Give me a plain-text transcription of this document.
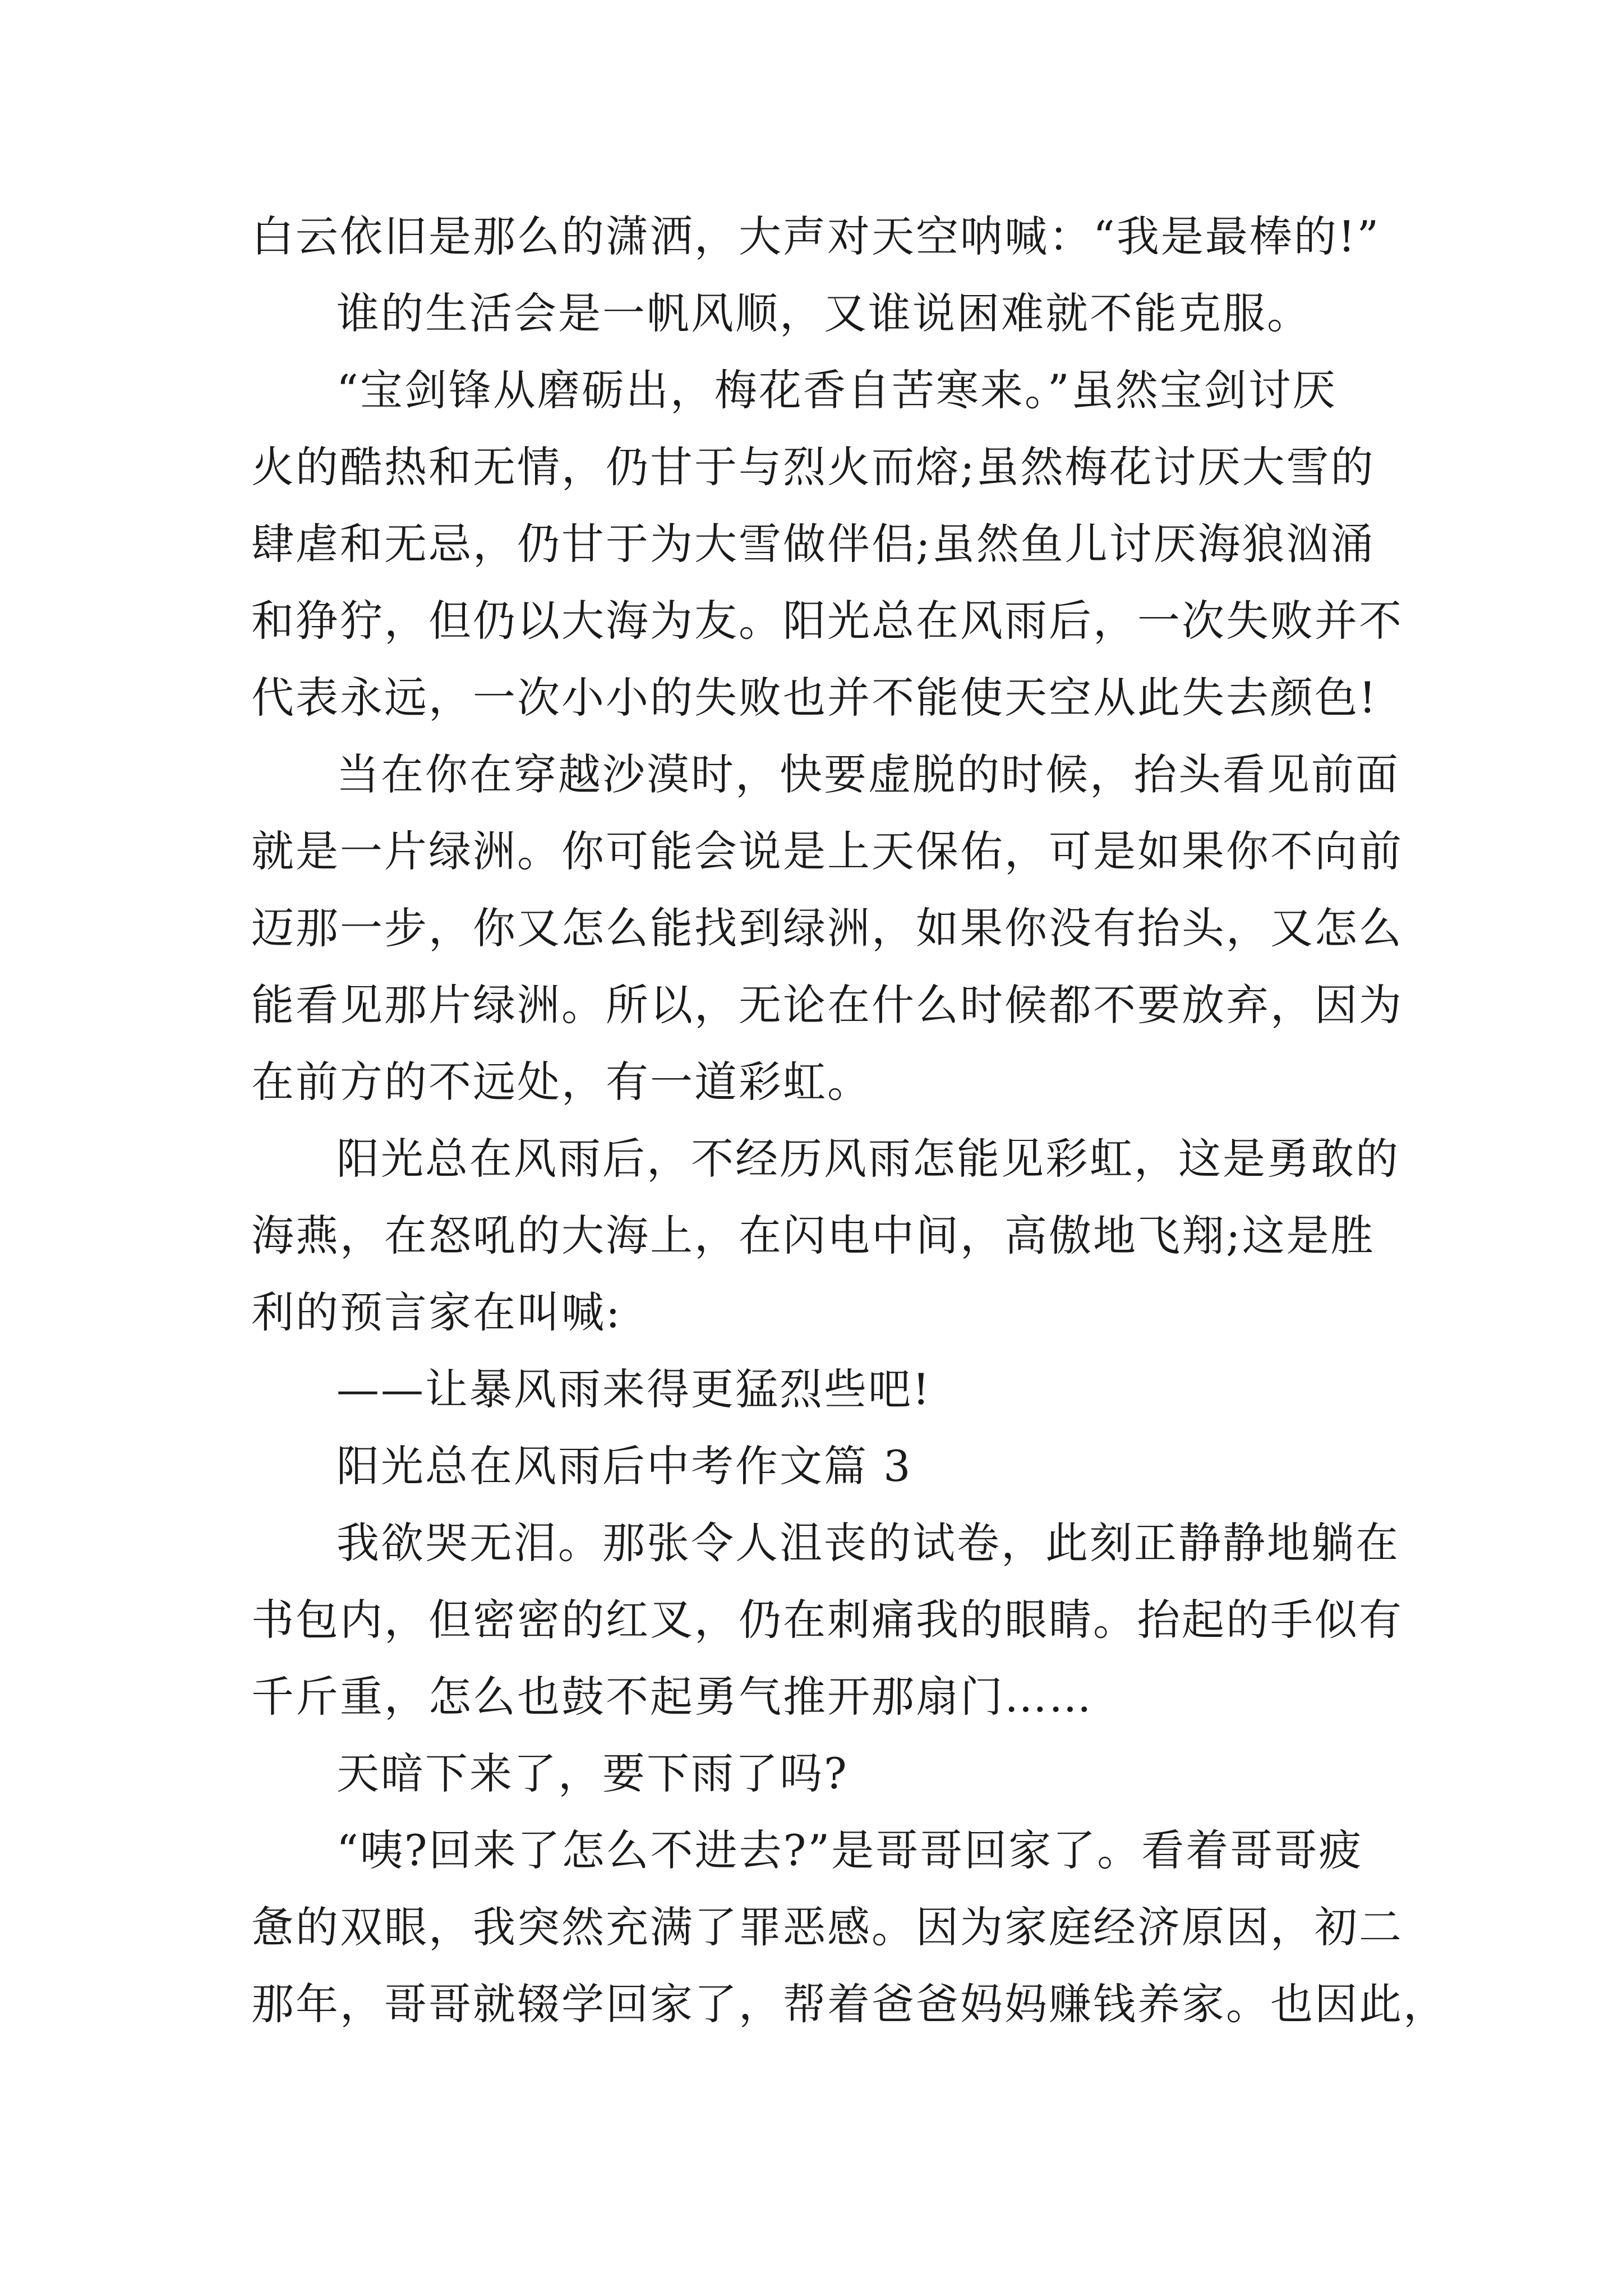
白云依旧是那么的潇洒，大声对天空呐喊：“我是最棒的!”

谁的生活会是一帆风顺，又谁说困难就不能克服。

“宝剑锋从磨砺出，梅花香自苦寒来。”虽然宝剑讨厌
火的酷热和无情，仍甘于与烈火而熔;虽然梅花讨厌大雪的
肆虐和无忌，仍甘于为大雪做伴侣;虽然鱼儿讨厌海狼汹涌
和狰狞，但仍以大海为友。阳光总在风雨后，一次失败并不
代表永远，一次小小的失败也并不能使天空从此失去颜色!

当在你在穿越沙漠时，快要虚脱的时候，抬头看见前面
就是一片绿洲。你可能会说是上天保佑，可是如果你不向前
迈那一步，你又怎么能找到绿洲，如果你没有抬头，又怎么
能看见那片绿洲。所以，无论在什么时候都不要放弃，因为
在前方的不远处，有一道彩虹。

阳光总在风雨后，不经历风雨怎能见彩虹，这是勇敢的
海燕，在怒吼的大海上，在闪电中间，高傲地飞翔;这是胜
利的预言家在叫喊:

——让暴风雨来得更猛烈些吧!

阳光总在风雨后中考作文篇 3

我欲哭无泪。那张令人沮丧的试卷，此刻正静静地躺在
书包内，但密密的红叉，仍在刺痛我的眼睛。抬起的手似有
千斤重，怎么也鼓不起勇气推开那扇门……

天暗下来了，要下雨了吗?

“咦?回来了怎么不进去?”是哥哥回家了。看着哥哥疲
惫的双眼，我突然充满了罪恶感。因为家庭经济原因，初二
那年，哥哥就辍学回家了，帮着爸爸妈妈赚钱养家。也因此，
